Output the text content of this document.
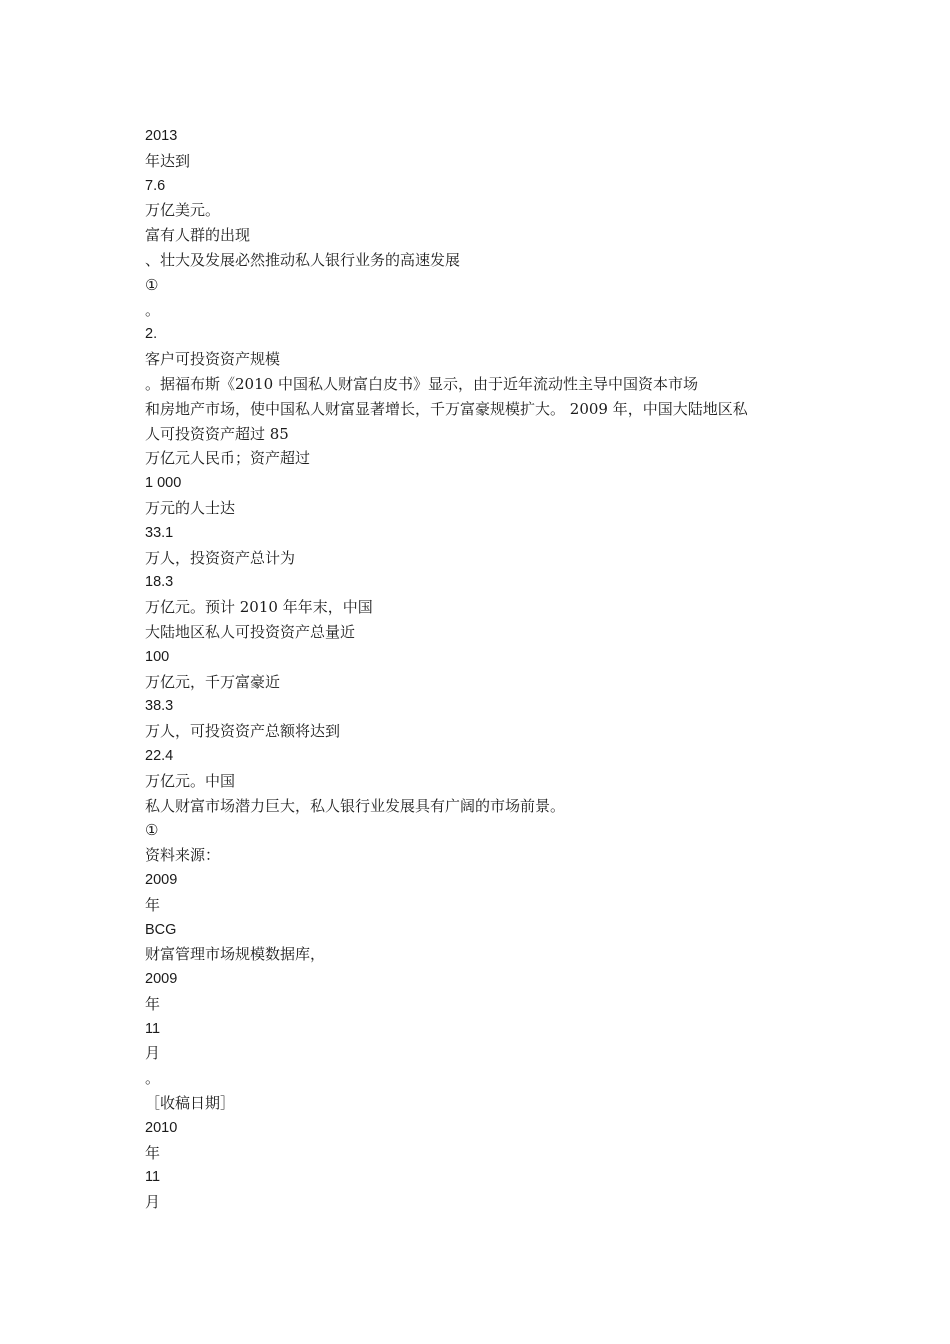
2013
年达到
7.6
万亿美元。
富有人群的出现
、壮大及发展必然推动私人银行业务的高速发展
①
。
2.
客户可投资资产规模
。据福布斯《2010 中国私人财富白皮书》显示，由于近年流动性主导中国资本市场
和房地产市场，使中国私人财富显著增长，千万富豪规模扩大。 2009 年，中国大陆地区私
人可投资资产超过 85
万亿元人民币；资产超过
1 000
万元的人士达
33.1
万人，投资资产总计为
18.3
万亿元。预计 2010 年年末，中国
大陆地区私人可投资资产总量近
100
万亿元，千万富豪近
38.3
万人，可投资资产总额将达到
22.4
万亿元。中国
私人财富市场潜力巨大，私人银行业发展具有广阔的市场前景。
①
资料来源：
2009
年
BCG
财富管理市场规模数据库，
2009
年
11
月
。
［收稿日期］
2010
年
11
月
